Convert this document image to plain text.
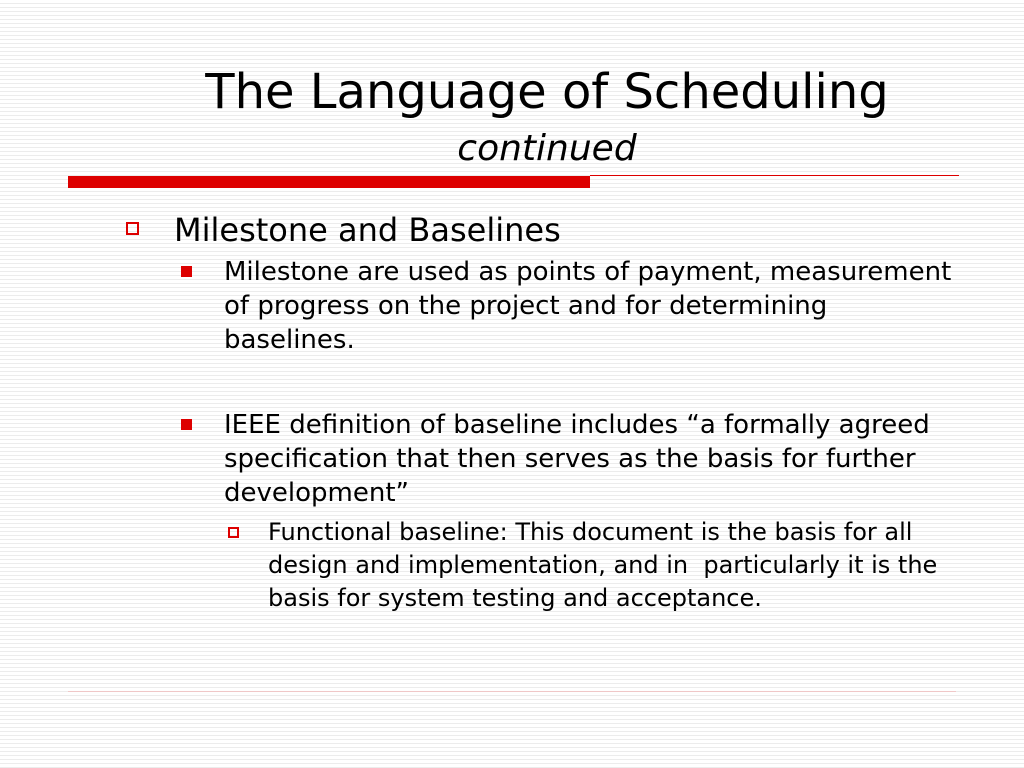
The Language of Scheduling
continued
Milestone and Baselines
Milestone are used as points of payment, measurement of progress on the project and for determining baselines.
IEEE definition of baseline includes “a formally agreed specification that then serves as the basis for further development”
Functional baseline: This document is the basis for all design and implementation, and in  particularly it is the basis for system testing and acceptance.
